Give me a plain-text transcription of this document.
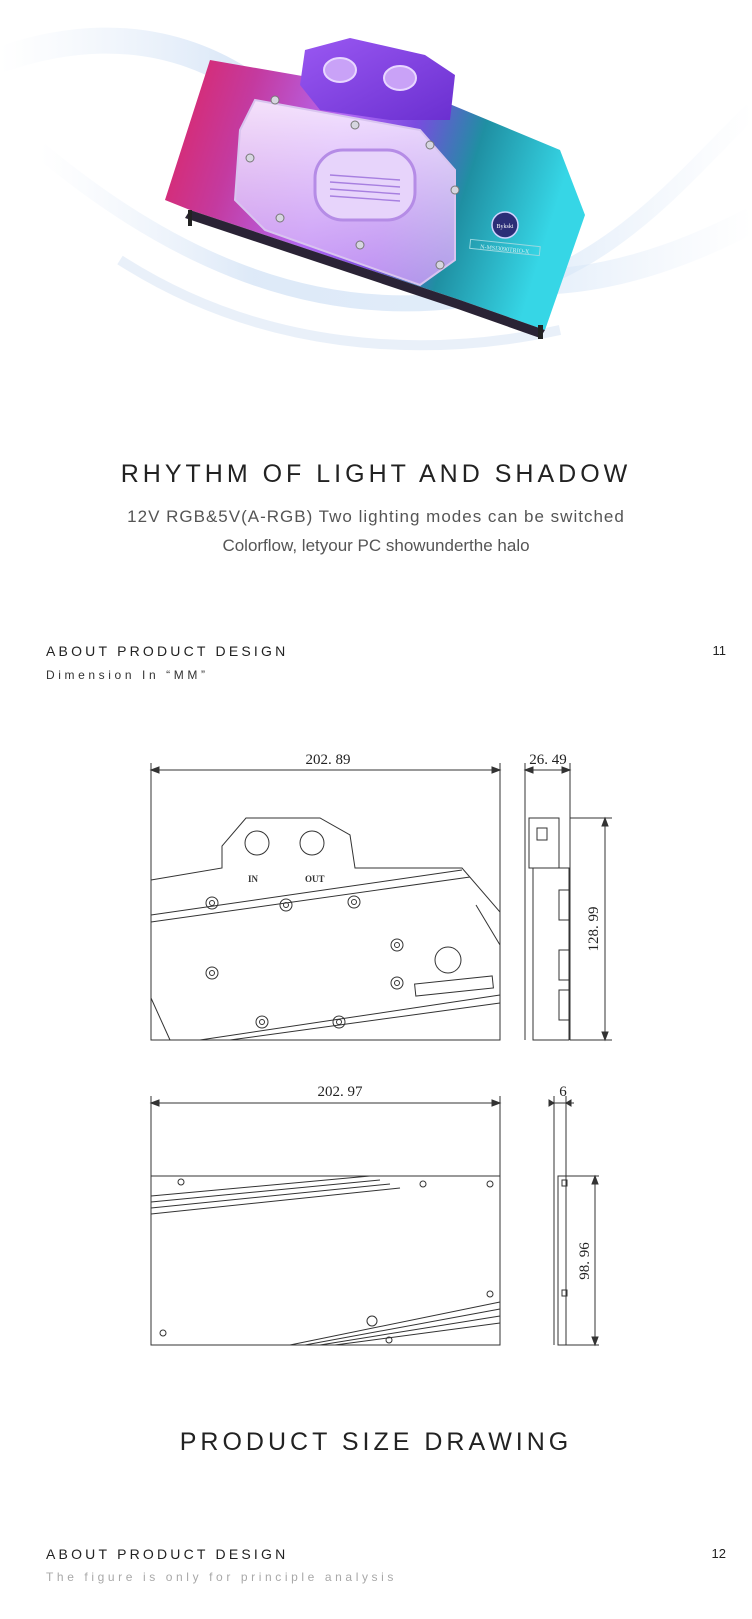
Bykski
N-MSI3090TRIO-X
RHYTHM OF LIGHT AND SHADOW
12V RGB&5V(A-RGB) Two lighting modes can be switched
Colorflow, letyour PC showunderthe halo
ABOUT PRODUCT DESIGN	11
Dimension In “MM”
202. 89	26. 49
128. 99
202. 97	6
98. 96
IN	OUT
PRODUCT SIZE DRAWING
ABOUT PRODUCT DESIGN	12
The figure is only for principle analysis
